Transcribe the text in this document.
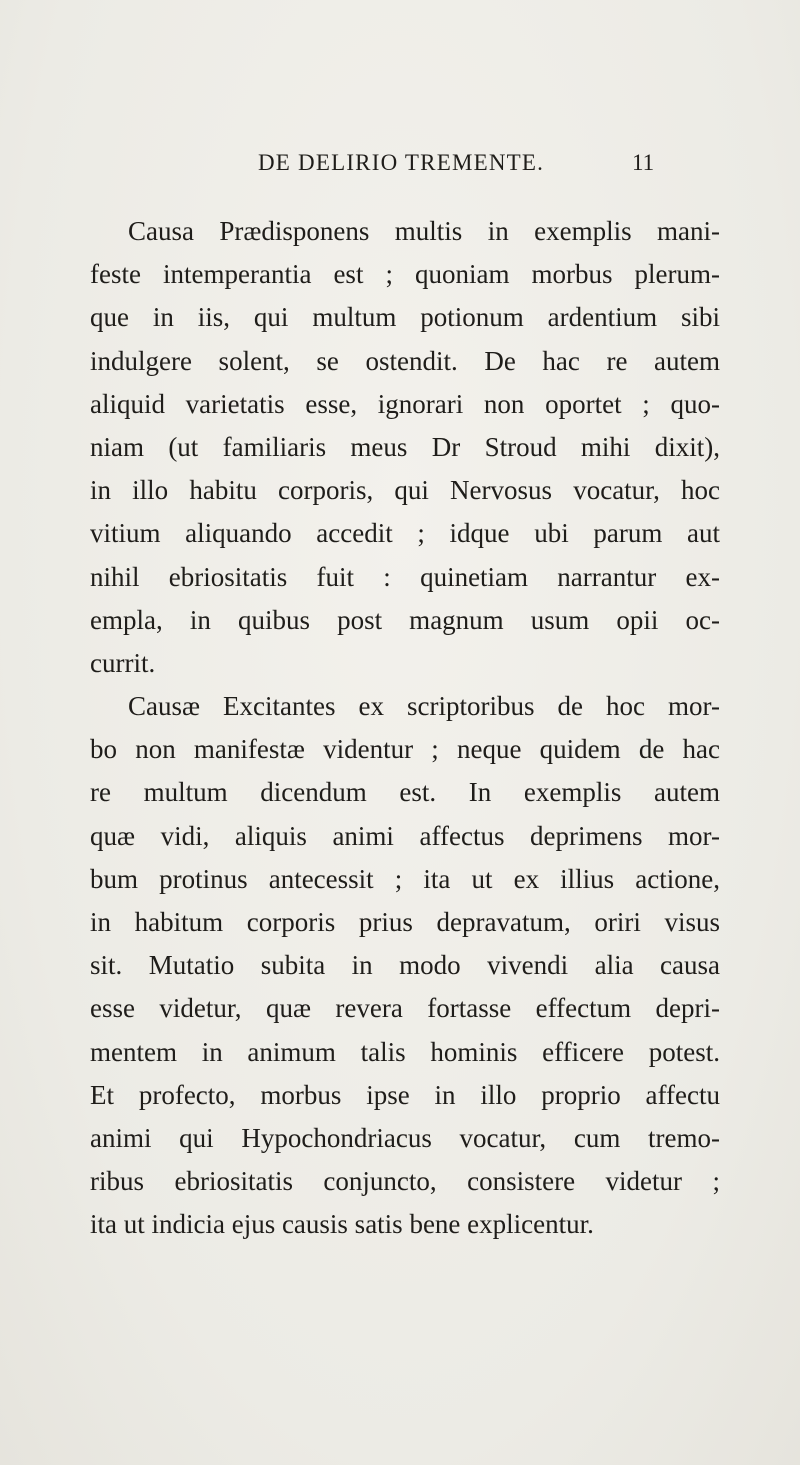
DE DELIRIO TREMENTE.	11
Causa Prædisponens multis in exemplis mani-
feste intemperantia est ; quoniam morbus plerum-
que in iis, qui multum potionum ardentium sibi
indulgere solent, se ostendit. De hac re autem
aliquid varietatis esse, ignorari non oportet ; quo-
niam (ut familiaris meus Dr Stroud mihi dixit),
in illo habitu corporis, qui Nervosus vocatur, hoc
vitium aliquando accedit ; idque ubi parum aut
nihil ebriositatis fuit : quinetiam narrantur ex-
empla, in quibus post magnum usum opii oc-
currit.
Causæ Excitantes ex scriptoribus de hoc mor-
bo non manifestæ videntur ; neque quidem de hac
re multum dicendum est. In exemplis autem
quæ vidi, aliquis animi affectus deprimens mor-
bum protinus antecessit ; ita ut ex illius actione,
in habitum corporis prius depravatum, oriri visus
sit. Mutatio subita in modo vivendi alia causa
esse videtur, quæ revera fortasse effectum depri-
mentem in animum talis hominis efficere potest.
Et profecto, morbus ipse in illo proprio affectu
animi qui Hypochondriacus vocatur, cum tremo-
ribus ebriositatis conjuncto, consistere videtur ;
ita ut indicia ejus causis satis bene explicentur.
